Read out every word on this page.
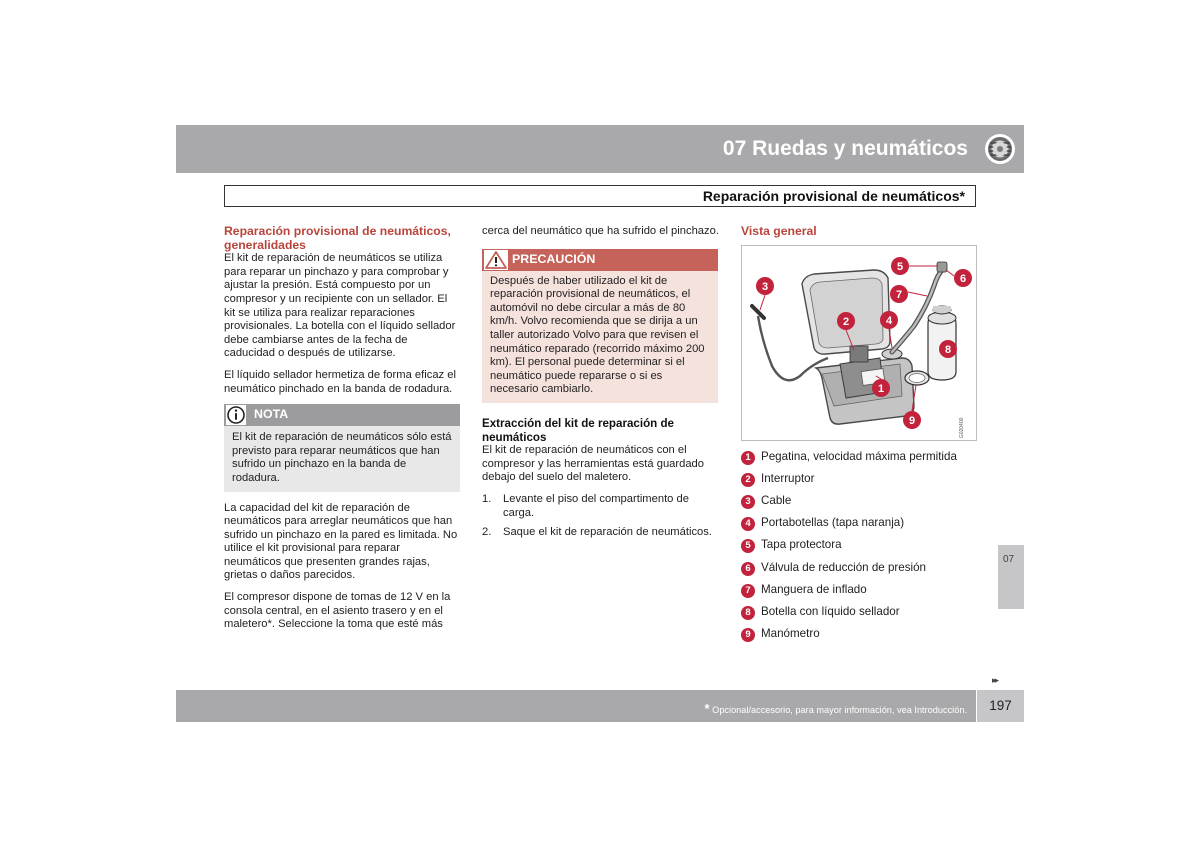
07 Ruedas y neumáticos
Reparación provisional de neumáticos*
Reparación provisional de neumáticos, generalidades

El kit de reparación de neumáticos se utiliza para reparar un pinchazo y para comprobar y ajustar la presión. Está compuesto por un compresor y un recipiente con un sellador. El kit se utiliza para realizar reparaciones provisionales. La botella con el líquido sellador debe cambiarse antes de la fecha de caducidad o después de utilizarse.

El líquido sellador hermetiza de forma eficaz el neumático pinchado en la banda de rodadura.

NOTA
El kit de reparación de neumáticos sólo está previsto para reparar neumáticos que han sufrido un pinchazo en la banda de rodadura.

La capacidad del kit de reparación de neumáticos para arreglar neumáticos que han sufrido un pinchazo en la pared es limitada. No utilice el kit provisional para reparar neumáticos que presenten grandes rajas, grietas o daños parecidos.

El compresor dispone de tomas de 12 V en la consola central, en el asiento trasero y en el maletero*. Seleccione la toma que esté más

cerca del neumático que ha sufrido el pinchazo.

PRECAUCIÓN
Después de haber utilizado el kit de reparación provisional de neumáticos, el automóvil no debe circular a más de 80 km/h. Volvo recomienda que se dirija a un taller autorizado Volvo para que revisen el neumático reparado (recorrido máximo 200 km). El personal puede determinar si el neumático puede repararse o si es necesario cambiarlo.
Extracción del kit de reparación de neumáticos

El kit de reparación de neumáticos con el compresor y las herramientas está guardado debajo del suelo del maletero.

1. Levante el piso del compartimento de carga.
2. Saque el kit de reparación de neumáticos.
Vista general
3
2	4
5
6
7
8
1
9	G020400
1 Pegatina, velocidad máxima permitida
2 Interruptor
3 Cable
4 Portabotellas (tapa naranja)
5 Tapa protectora
6 Válvula de reducción de presión
7 Manguera de inflado
8 Botella con líquido sellador
9 Manómetro
07
▸▸
* Opcional/accesorio, para mayor información, vea Introducción.	197
